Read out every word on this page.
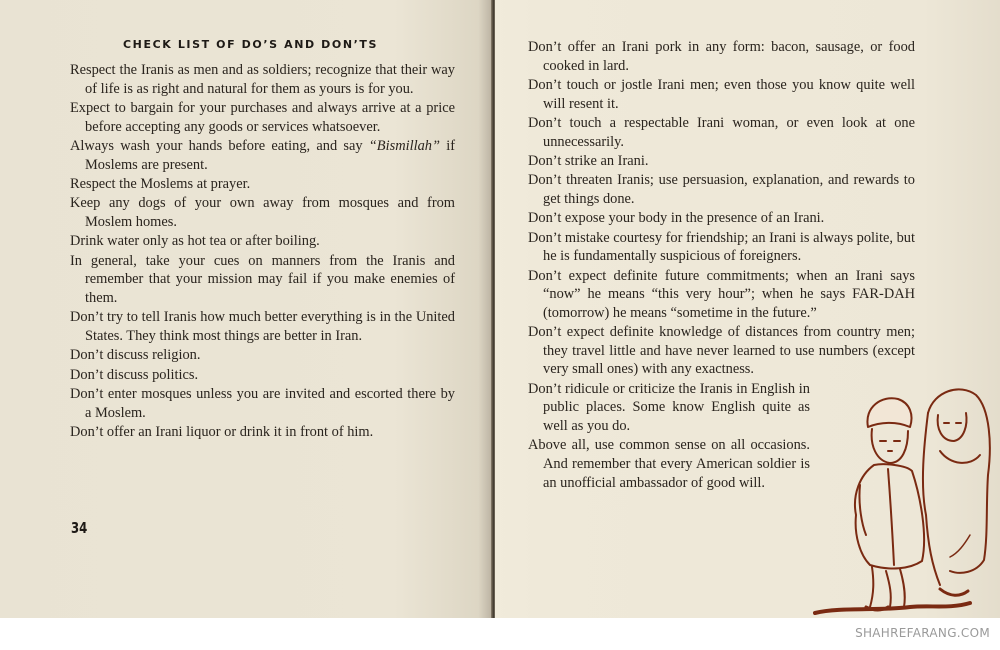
CHECK LIST OF DO’S AND DON’TS
Respect the Iranis as men and as soldiers; recognize that their way of life is as right and natural for them as yours is for you.
Expect to bargain for your purchases and always arrive at a price before accepting any goods or services whatsoever.
Always wash your hands before eating, and say “Bismillah” if Moslems are present.
Respect the Moslems at prayer.
Keep any dogs of your own away from mosques and from Moslem homes.
Drink water only as hot tea or after boiling.
In general, take your cues on manners from the Iranis and remember that your mission may fail if you make enemies of them.
Don’t try to tell Iranis how much better everything is in the United States. They think most things are better in Iran.
Don’t discuss religion.
Don’t discuss politics.
Don’t enter mosques unless you are invited and escorted there by a Moslem.
Don’t offer an Irani liquor or drink it in front of him.
34
Don’t offer an Irani pork in any form: bacon, sausage, or food cooked in lard.
Don’t touch or jostle Irani men; even those you know quite well will resent it.
Don’t touch a respectable Irani woman, or even look at one unnecessarily.
Don’t strike an Irani.
Don’t threaten Iranis; use persuasion, explanation, and rewards to get things done.
Don’t expose your body in the presence of an Irani.
Don’t mistake courtesy for friendship; an Irani is always polite, but he is fundamentally suspicious of foreigners.
Don’t expect definite future commitments; when an Irani says “now” he means “this very hour”; when he says FAR-DAH (tomorrow) he means “sometime in the future.”
Don’t expect definite knowledge of distances from country men; they travel little and have never learned to use numbers (except very small ones) with any exactness.
Don’t ridicule or criticize the Iranis in English in public places. Some know English quite as well as you do.
Above all, use common sense on all occasions. And remember that every American soldier is an unofficial ambassador of good will.
SHAHREFARANG.COM
